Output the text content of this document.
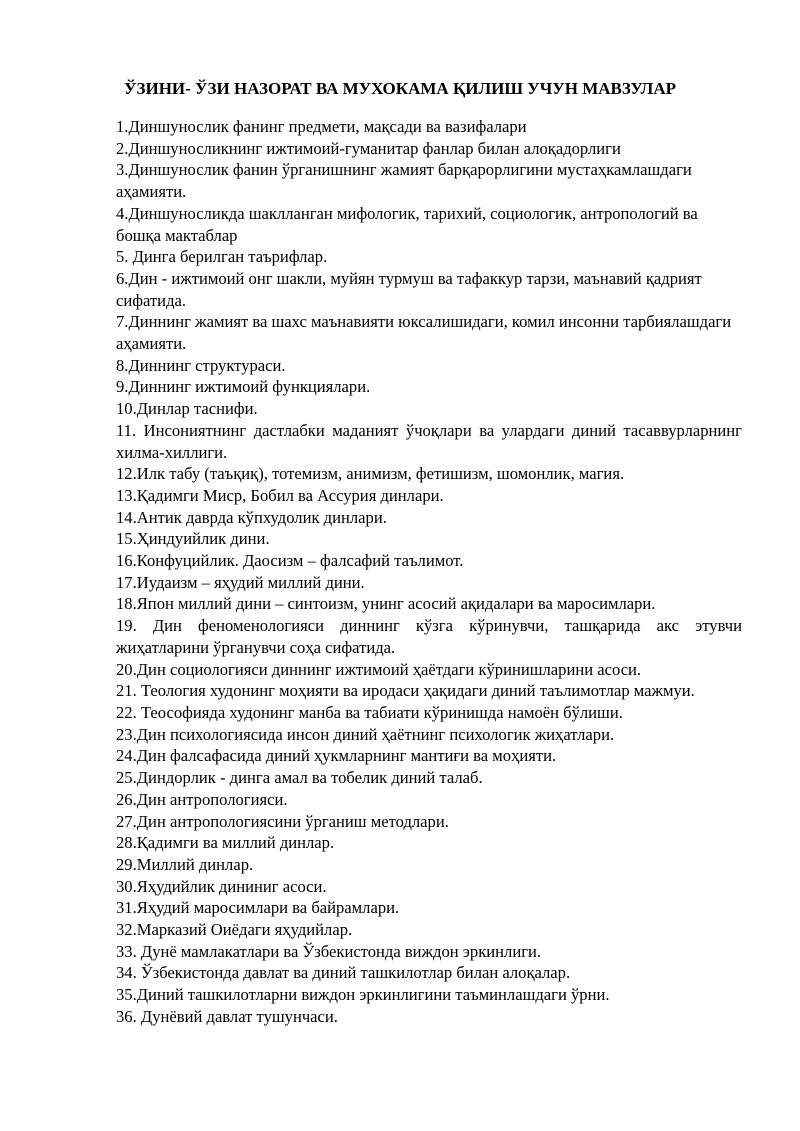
ЎЗИНИ- ЎЗИ НАЗОРАТ ВА МУХОКАМА ҚИЛИШ УЧУН МАВЗУЛАР

1.Диншунослик фанинг предмети, мақсади ва вазифалари

2.Диншуносликнинг ижтимоий-гуманитар фанлар билан алоқадорлиги

3.Диншунослик фанин ўрганишнинг жамият барқарорлигини мустаҳкамлашдаги аҳамияти.

4.Диншуносликда шаклланган мифологик, тарихий, социологик, антропологий ва бошқа мактаблар

5. Динга берилган таърифлар.

6.Дин - ижтимоий онг шакли, муйян турмуш ва тафаккур тарзи, маънавий қадрият сифатида.

7.Диннинг жамият ва шахс маънавияти юксалишидаги, комил инсонни тарбиялашдаги аҳамияти.

8.Диннинг структураси.

9.Диннинг ижтимоий функциялари.

10.Динлар таснифи.

11. Инсониятнинг дастлабки маданият ўчоқлари ва улардаги диний тасаввурларнинг хилма-хиллиги.

12.Илк табу (таъқиқ), тотемизм, анимизм, фетишизм, шомонлик, магия.

13.Қадимги Миср, Бобил ва Ассурия динлари.

14.Антик даврда кўпхудолик динлари.

15.Ҳиндуийлик дини.

16.Конфуцийлик. Даосизм – фалсафий таълимот.

17.Иудаизм – яҳудий миллий дини.

18.Япон миллий дини – синтоизм, унинг асосий ақидалари ва маросимлари.

19. Дин феноменологияси диннинг кўзга кўринувчи, ташқарида акс этувчи жиҳатларини ўрганувчи соҳа сифатида.

20.Дин социологияси диннинг ижтимоий ҳаётдаги кўринишларини асоси.

21. Теология худонинг моҳияти ва иродаси ҳақидаги диний таълимотлар мажмуи.

22. Теософияда худонинг манба ва табиати кўринишда намоён бўлиши.

23.Дин психологиясида инсон диний ҳаётнинг психологик жиҳатлари.

24.Дин фалсафасида диний ҳукмларнинг мантиғи ва моҳияти.

25.Диндорлик - динга амал ва тобелик диний талаб.

26.Дин антропологияси.

27.Дин антропологиясини ўрганиш методлари.

28.Қадимги ва миллий динлар.

29.Миллий динлар.

30.Яҳудийлик дининиг асоси.

31.Яҳудий маросимлари ва байрамлари.

32.Марказий Оиёдаги яҳудийлар.

33. Дунё мамлакатлари ва Ўзбекистонда виждон эркинлиги.

34. Ўзбекистонда давлат ва диний ташкилотлар билан алоқалар.

35.Диний ташкилотларни виждон эркинлигини таъминлашдаги ўрни.

36. Дунёвий давлат тушунчаси.
